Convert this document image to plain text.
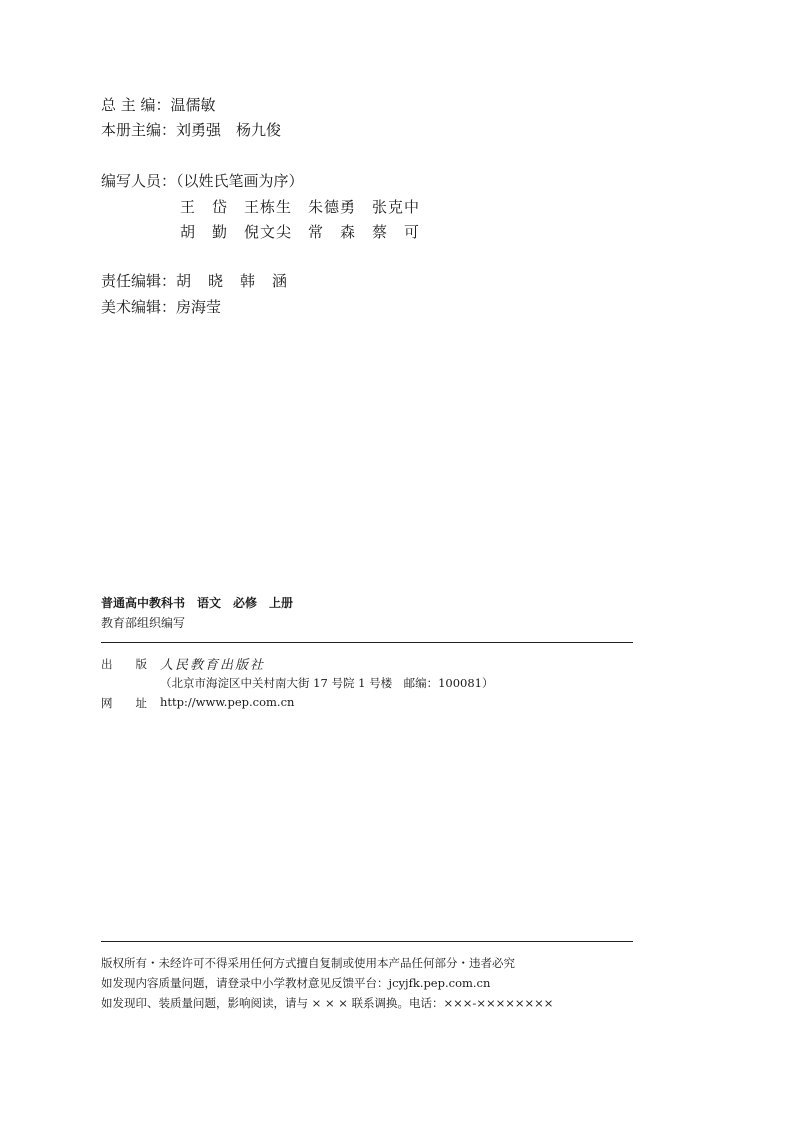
总 主 编：温儒敏
本册主编：刘勇强　杨九俊
编写人员：（以姓氏笔画为序）
王　岱　王栋生　朱德勇　张克中
胡　勤　倪文尖　常　森　蔡　可
责任编辑：胡　晓　韩　涵
美术编辑：房海莹
普通高中教科书　语文　必修　上册
教育部组织编写
出　　版 人民教育出版社
（北京市海淀区中关村南大街 17 号院 1 号楼　邮编：100081）
网　　址 http://www.pep.com.cn
版权所有・未经许可不得采用任何方式擅自复制或使用本产品任何部分・违者必究
如发现内容质量问题，请登录中小学教材意见反馈平台：jcyjfk.pep.com.cn
如发现印、装质量问题，影响阅读，请与 × × × 联系调换。电话：×××-××××××××
